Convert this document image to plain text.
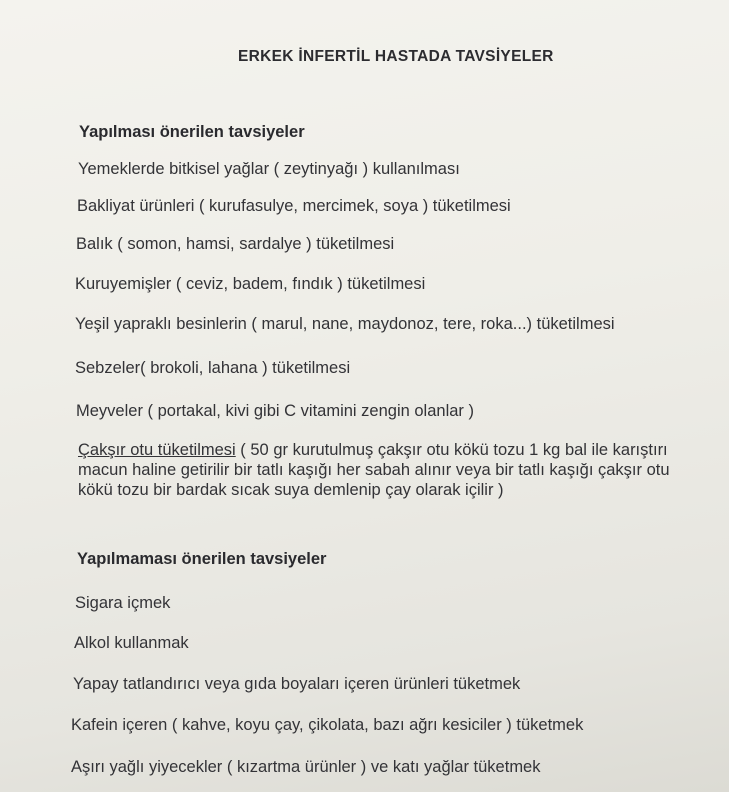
ERKEK İNFERTİL HASTADA TAVSİYELER
Yapılması önerilen tavsiyeler
Yemeklerde bitkisel yağlar ( zeytinyağı ) kullanılması
Bakliyat ürünleri ( kurufasulye, mercimek, soya ) tüketilmesi
Balık ( somon, hamsi, sardalye ) tüketilmesi
Kuruyemişler ( ceviz, badem, fındık ) tüketilmesi
Yeşil yapraklı besinlerin ( marul, nane, maydonoz, tere, roka...) tüketilmesi
Sebzeler( brokoli, lahana ) tüketilmesi
Meyveler ( portakal, kivi gibi C vitamini zengin olanlar )
Çakşır otu tüketilmesi ( 50 gr kurutulmuş çakşır otu kökü tozu 1 kg bal ile karıştırı
macun haline getirilir bir tatlı kaşığı her sabah alınır veya bir tatlı kaşığı çakşır otu
kökü tozu bir bardak sıcak suya demlenip çay olarak içilir )
Yapılmaması önerilen tavsiyeler
Sigara içmek
Alkol kullanmak
Yapay tatlandırıcı veya gıda boyaları içeren ürünleri tüketmek
Kafein içeren ( kahve, koyu çay, çikolata, bazı ağrı kesiciler ) tüketmek
Aşırı yağlı yiyecekler ( kızartma ürünler ) ve katı yağlar tüketmek
